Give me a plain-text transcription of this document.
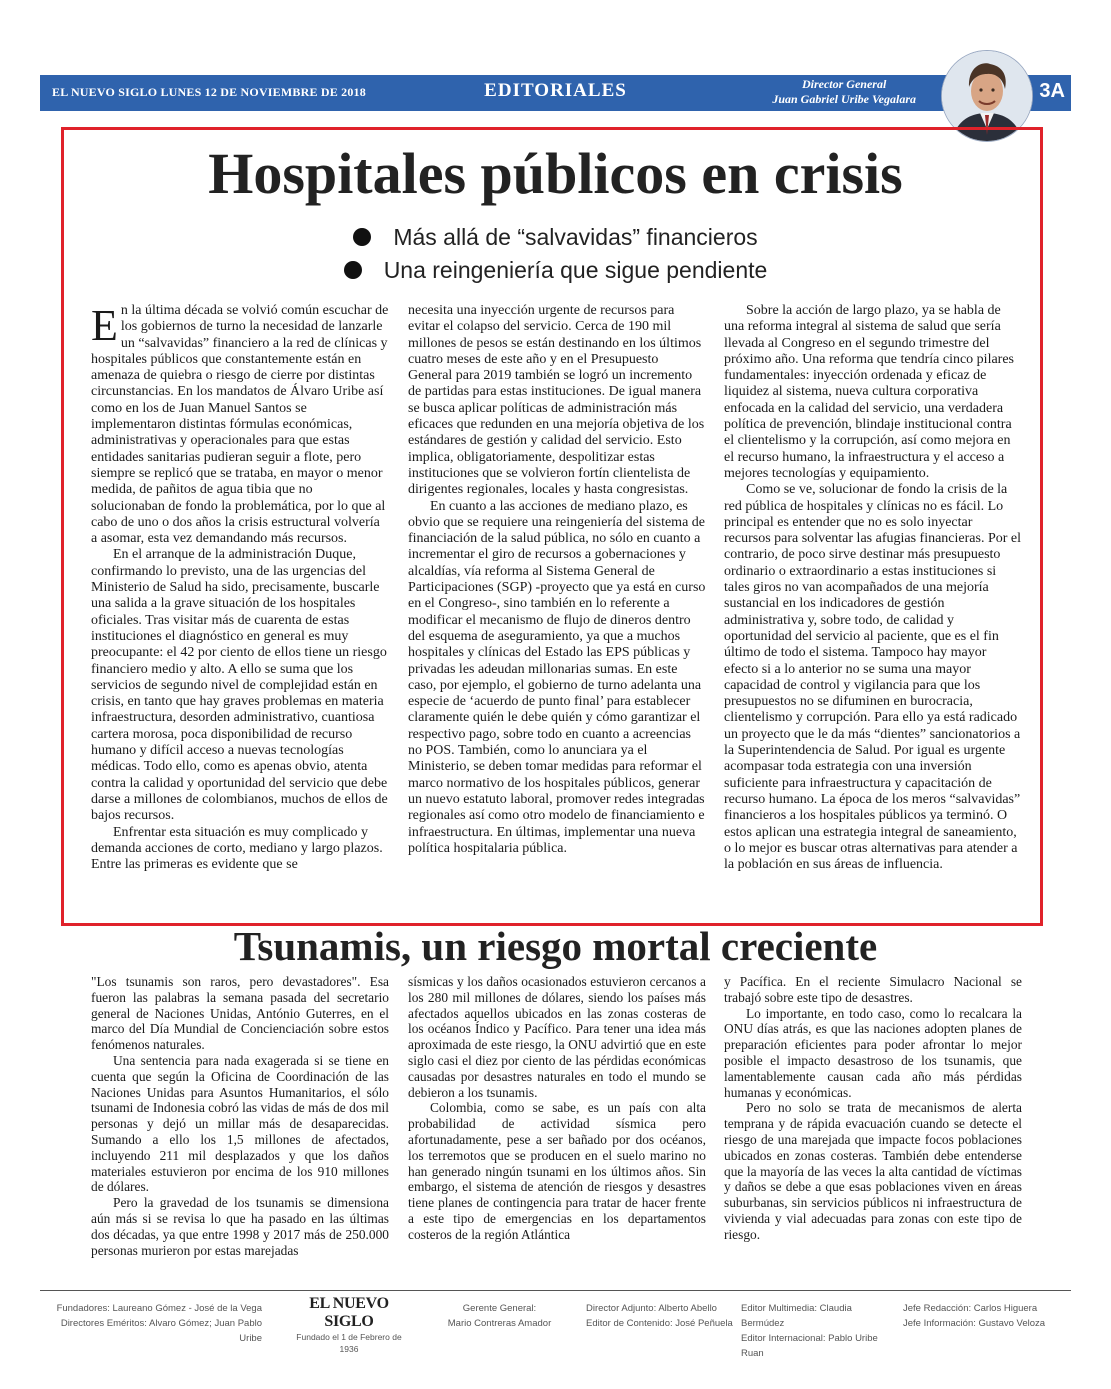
EL NUEVO SIGLO LUNES 12 DE NOVIEMBRE DE 2018	EDITORIALES	Director General
Juan Gabriel Uribe Vegalara	3A
Hospitales públicos en crisis
Más allá de “salvavidas” financieros
Una reingeniería que sigue pendiente

En la última década se volvió común escuchar de los gobiernos de turno la necesidad de lanzarle un “salvavidas” financiero a la red de clínicas y hospitales públicos que constantemente están en amenaza de quiebra o riesgo de cierre por distintas circunstancias. En los mandatos de Álvaro Uribe así como en los de Juan Manuel Santos se implementaron distintas fórmulas económicas, administrativas y operacionales para que estas entidades sanitarias pudieran seguir a flote, pero siempre se replicó que se trataba, en mayor o menor medida, de pañitos de agua tibia que no solucionaban de fondo la problemática, por lo que al cabo de uno o dos años la crisis estructural volvería a asomar, esta vez demandando más recursos.

En el arranque de la administración Duque, confirmando lo previsto, una de las urgencias del Ministerio de Salud ha sido, precisamente, buscarle una salida a la grave situación de los hospitales oficiales. Tras visitar más de cuarenta de estas instituciones el diagnóstico en general es muy preocupante: el 42 por ciento de ellos tiene un riesgo financiero medio y alto. A ello se suma que los servicios de segundo nivel de complejidad están en crisis, en tanto que hay graves problemas en materia infraestructura, desorden administrativo, cuantiosa cartera morosa, poca disponibilidad de recurso humano y difícil acceso a nuevas tecnologías médicas. Todo ello, como es apenas obvio, atenta contra la calidad y oportunidad del servicio que debe darse a millones de colombianos, muchos de ellos de bajos recursos.

Enfrentar esta situación es muy complicado y demanda acciones de corto, mediano y largo plazos. Entre las primeras es evidente que se

necesita una inyección urgente de recursos para evitar el colapso del servicio. Cerca de 190 mil millones de pesos se están destinando en los últimos cuatro meses de este año y en el Presupuesto General para 2019 también se logró un incremento de partidas para estas instituciones. De igual manera se busca aplicar políticas de administración más eficaces que redunden en una mejoría objetiva de los estándares de gestión y calidad del servicio. Esto implica, obligatoriamente, despolitizar estas instituciones que se volvieron fortín clientelista de dirigentes regionales, locales y hasta congresistas.

En cuanto a las acciones de mediano plazo, es obvio que se requiere una reingeniería del sistema de financiación de la salud pública, no sólo en cuanto a incrementar el giro de recursos a gobernaciones y alcaldías, vía reforma al Sistema General de Participaciones (SGP) -proyecto que ya está en curso en el Congreso-, sino también en lo referente a modificar el mecanismo de flujo de dineros dentro del esquema de aseguramiento, ya que a muchos hospitales y clínicas del Estado las EPS públicas y privadas les adeudan millonarias sumas. En este caso, por ejemplo, el gobierno de turno adelanta una especie de ‘acuerdo de punto final’ para establecer claramente quién le debe quién y cómo garantizar el respectivo pago, sobre todo en cuanto a acreencias no POS. También, como lo anunciara ya el Ministerio, se deben tomar medidas para reformar el marco normativo de los hospitales públicos, generar un nuevo estatuto laboral, promover redes integradas regionales así como otro modelo de financiamiento e infraestructura. En últimas, implementar una nueva política hospitalaria pública.

Sobre la acción de largo plazo, ya se habla de una reforma integral al sistema de salud que sería llevada al Congreso en el segundo trimestre del próximo año. Una reforma que tendría cinco pilares fundamentales: inyección ordenada y eficaz de liquidez al sistema, nueva cultura corporativa enfocada en la calidad del servicio, una verdadera política de prevención, blindaje institucional contra el clientelismo y la corrupción, así como mejora en el recurso humano, la infraestructura y el acceso a mejores tecnologías y equipamiento.

Como se ve, solucionar de fondo la crisis de la red pública de hospitales y clínicas no es fácil. Lo principal es entender que no es solo inyectar recursos para solventar las afugias financieras. Por el contrario, de poco sirve destinar más presupuesto ordinario o extraordinario a estas instituciones si tales giros no van acompañados de una mejoría sustancial en los indicadores de gestión administrativa y, sobre todo, de calidad y oportunidad del servicio al paciente, que es el fin último de todo el sistema. Tampoco hay mayor efecto si a lo anterior no se suma una mayor capacidad de control y vigilancia para que los presupuestos no se difuminen en burocracia, clientelismo y corrupción. Para ello ya está radicado un proyecto que le da más “dientes” sancionatorios a la Superintendencia de Salud. Por igual es urgente acompasar toda estrategia con una inversión suficiente para infraestructura y capacitación de recurso humano. La época de los meros “salvavidas” financieros a los hospitales públicos ya terminó. O estos aplican una estrategia integral de saneamiento, o lo mejor es buscar otras alternativas para atender a la población en sus áreas de influencia.

Tsunamis, un riesgo mortal creciente

"Los tsunamis son raros, pero devastadores". Esa fueron las palabras la semana pasada del secretario general de Naciones Unidas, António Guterres, en el marco del Día Mundial de Concienciación sobre estos fenómenos naturales.

Una sentencia para nada exagerada si se tiene en cuenta que según la Oficina de Coordinación de las Naciones Unidas para Asuntos Humanitarios, el sólo tsunami de Indonesia cobró las vidas de más de dos mil personas y dejó un millar más de desaparecidas. Sumando a ello los 1,5 millones de afectados, incluyendo 211 mil desplazados y que los daños materiales estuvieron por encima de los 910 millones de dólares.

Pero la gravedad de los tsunamis se dimensiona aún más si se revisa lo que ha pasado en las últimas dos décadas, ya que entre 1998 y 2017 más de 250.000 personas murieron por estas marejadas

sísmicas y los daños ocasionados estuvieron cercanos a los 280 mil millones de dólares, siendo los países más afectados aquellos ubicados en las zonas costeras de los océanos Índico y Pacífico. Para tener una idea más aproximada de este riesgo, la ONU advirtió que en este siglo casi el diez por ciento de las pérdidas económicas causadas por desastres naturales en todo el mundo se debieron a los tsunamis.

Colombia, como se sabe, es un país con alta probabilidad de actividad sísmica pero afortunadamente, pese a ser bañado por dos océanos, los terremotos que se producen en el suelo marino no han generado ningún tsunami en los últimos años. Sin embargo, el sistema de atención de riesgos y desastres tiene planes de contingencia para tratar de hacer frente a este tipo de emergencias en los departamentos costeros de la región Atlántica

y Pacífica. En el reciente Simulacro Nacional se trabajó sobre este tipo de desastres.

Lo importante, en todo caso, como lo recalcara la ONU días atrás, es que las naciones adopten planes de preparación eficientes para poder afrontar lo mejor posible el impacto desastroso de los tsunamis, que lamentablemente causan cada año más pérdidas humanas y económicas.

Pero no solo se trata de mecanismos de alerta temprana y de rápida evacuación cuando se detecte el riesgo de una marejada que impacte focos poblaciones ubicados en zonas costeras. También debe entenderse que la mayoría de las veces la alta cantidad de víctimas y daños se debe a que esas poblaciones viven en áreas suburbanas, sin servicios públicos ni infraestructura de vivienda y vial adecuadas para zonas con este tipo de riesgo.

Fundadores: Laureano Gómez - José de la Vega
Directores Eméritos: Alvaro Gómez; Juan Pablo Uribe
EL NUEVO SIGLO
Fundado el 1 de Febrero de 1936
Gerente General:
Mario Contreras Amador
Director Adjunto: Alberto Abello
Editor de Contenido: José Peñuela
Editor Multimedia: Claudia Bermúdez
Editor Internacional: Pablo Uribe Ruan
Jefe Redacción: Carlos Higuera
Jefe Información: Gustavo Veloza
